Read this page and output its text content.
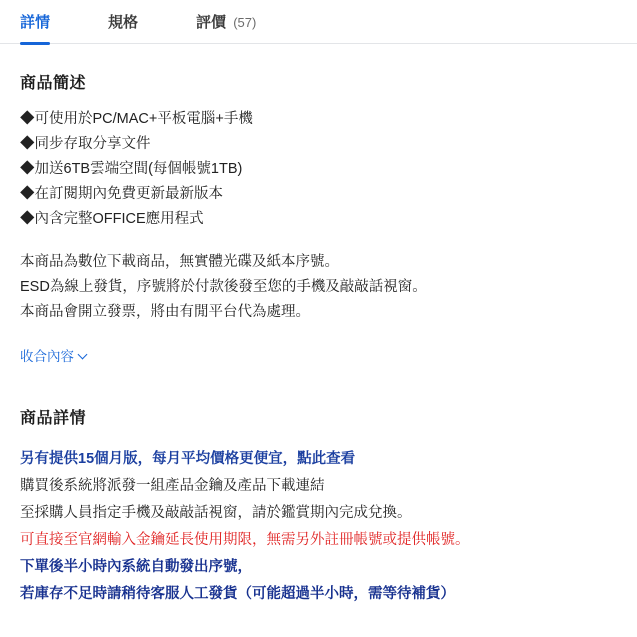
詳情	規格	評價 (57)
商品簡述

◆可使用於PC/MAC+平板電腦+手機

◆同步存取分享文件

◆加送6TB雲端空間(每個帳號1TB)

◆在訂閱期內免費更新最新版本

◆內含完整OFFICE應用程式

本商品為數位下載商品，無實體光碟及紙本序號。

ESD為線上發貨，序號將於付款後發至您的手機及敲敲話視窗。

本商品會開立發票，將由有閒平台代為處理。

收合內容
商品詳情

另有提供15個月版，每月平均價格更便宜，點此查看

購買後系統將派發一組產品金鑰及產品下載連結

至採購人員指定手機及敲敲話視窗，請於鑑賞期內完成兌換。

可直接至官網輸入金鑰延長使用期限，無需另外註冊帳號或提供帳號。

下單後半小時內系統自動發出序號，

若庫存不足時請稍待客服人工發貨（可能超過半小時，需等待補貨）
